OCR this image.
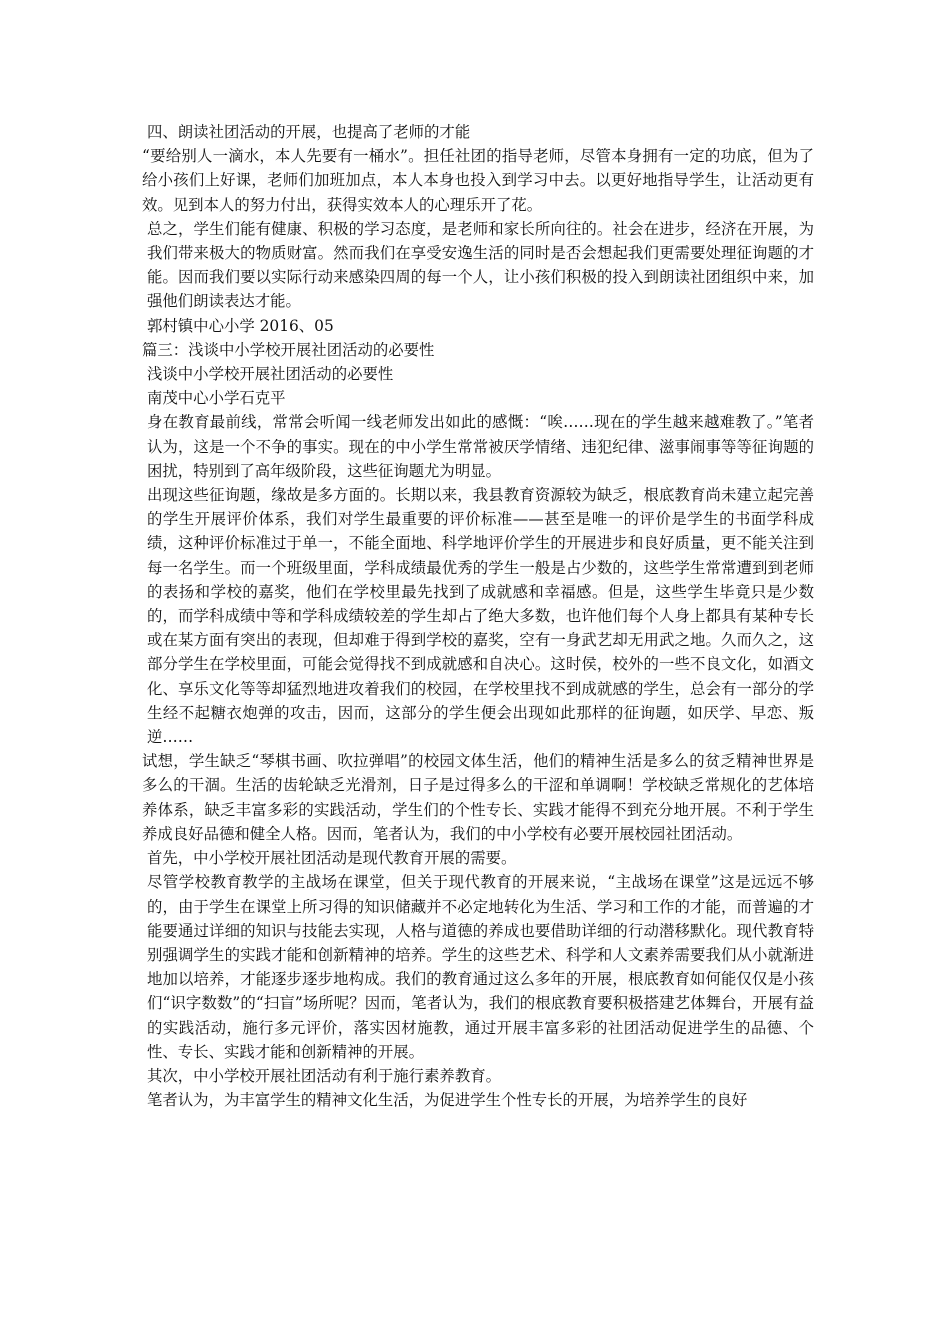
四、朗读社团活动的开展，也提高了老师的才能

“要给别人一滴水，本人先要有一桶水”。担任社团的指导老师，尽管本身拥有一定的功底，但为了给小孩们上好课，老师们加班加点，本人本身也投入到学习中去。以更好地指导学生，让活动更有效。见到本人的努力付出，获得实效本人的心理乐开了花。

总之，学生们能有健康、积极的学习态度，是老师和家长所向往的。社会在进步，经济在开展，为我们带来极大的物质财富。然而我们在享受安逸生活的同时是否会想起我们更需要处理征询题的才能。因而我们要以实际行动来感染四周的每一个人，让小孩们积极的投入到朗读社团组织中来，加强他们朗读表达才能。

郭村镇中心小学 2016、05

篇三：浅谈中小学校开展社团活动的必要性

浅谈中小学校开展社团活动的必要性

南茂中心小学石克平

身在教育最前线，常常会听闻一线老师发出如此的感慨：“唉……现在的学生越来越难教了。”笔者认为，这是一个不争的事实。现在的中小学生常常被厌学情绪、违犯纪律、滋事闹事等等征询题的困扰，特别到了高年级阶段，这些征询题尤为明显。

出现这些征询题，缘故是多方面的。长期以来，我县教育资源较为缺乏，根底教育尚未建立起完善的学生开展评价体系，我们对学生最重要的评价标准——甚至是唯一的评价是学生的书面学科成绩，这种评价标准过于单一，不能全面地、科学地评价学生的开展进步和良好质量，更不能关注到每一名学生。而一个班级里面，学科成绩最优秀的学生一般是占少数的，这些学生常常遭到到老师的表扬和学校的嘉奖，他们在学校里最先找到了成就感和幸福感。但是，这些学生毕竟只是少数的，而学科成绩中等和学科成绩较差的学生却占了绝大多数，也许他们每个人身上都具有某种专长或在某方面有突出的表现，但却难于得到学校的嘉奖，空有一身武艺却无用武之地。久而久之，这部分学生在学校里面，可能会觉得找不到成就感和自决心。这时侯，校外的一些不良文化，如酒文化、享乐文化等等却猛烈地进攻着我们的校园，在学校里找不到成就感的学生，总会有一部分的学生经不起糖衣炮弹的攻击，因而，这部分的学生便会出现如此那样的征询题，如厌学、早恋、叛逆……

试想，学生缺乏“琴棋书画、吹拉弹唱”的校园文体生活，他们的精神生活是多么的贫乏精神世界是多么的干涸。生活的齿轮缺乏光滑剂，日子是过得多么的干涩和单调啊！学校缺乏常规化的艺体培养体系，缺乏丰富多彩的实践活动，学生们的个性专长、实践才能得不到充分地开展。不利于学生养成良好品德和健全人格。因而，笔者认为，我们的中小学校有必要开展校园社团活动。

首先，中小学校开展社团活动是现代教育开展的需要。

尽管学校教育教学的主战场在课堂，但关于现代教育的开展来说，“主战场在课堂”这是远远不够的，由于学生在课堂上所习得的知识储藏并不必定地转化为生活、学习和工作的才能，而普遍的才能要通过详细的知识与技能去实现，人格与道德的养成也要借助详细的行动潜移默化。现代教育特别强调学生的实践才能和创新精神的培养。学生的这些艺术、科学和人文素养需要我们从小就渐进地加以培养，才能逐步逐步地构成。我们的教育通过这么多年的开展，根底教育如何能仅仅是小孩们“识字数数”的“扫盲”场所呢？因而，笔者认为，我们的根底教育要积极搭建艺体舞台，开展有益的实践活动，施行多元评价，落实因材施教，通过开展丰富多彩的社团活动促进学生的品德、个性、专长、实践才能和创新精神的开展。

其次，中小学校开展社团活动有利于施行素养教育。

笔者认为，为丰富学生的精神文化生活，为促进学生个性专长的开展，为培养学生的良好
